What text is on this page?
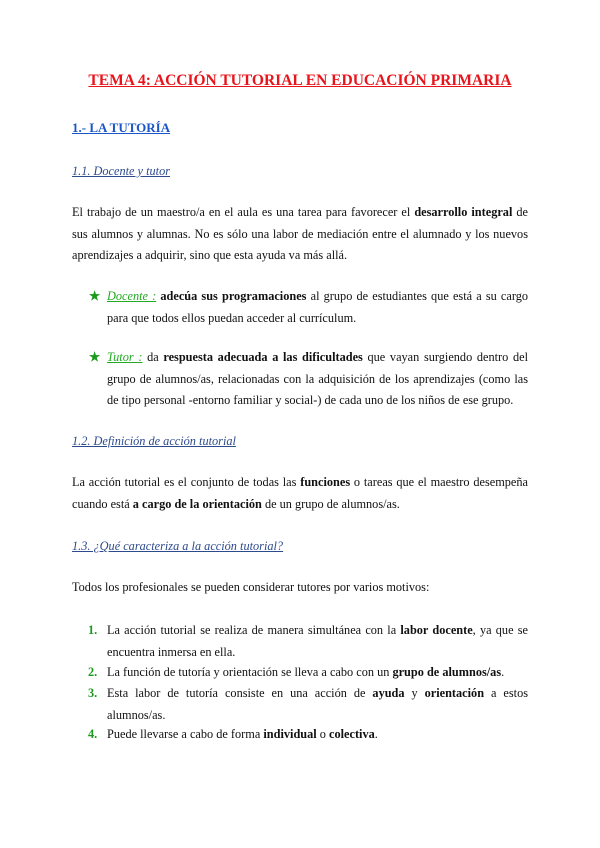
TEMA 4: ACCIÓN TUTORIAL EN EDUCACIÓN PRIMARIA
1.- LA TUTORÍA
1.1. Docente y tutor
El trabajo de un maestro/a en el aula es una tarea para favorecer el desarrollo integral de sus alumnos y alumnas. No es sólo una labor de mediación entre el alumnado y los nuevos aprendizajes a adquirir, sino que esta ayuda va más allá.
★ Docente : adecúa sus programaciones al grupo de estudiantes que está a su cargo para que todos ellos puedan acceder al currículum.
★ Tutor : da respuesta adecuada a las dificultades que vayan surgiendo dentro del grupo de alumnos/as, relacionadas con la adquisición de los aprendizajes (como las de tipo personal -entorno familiar y social-) de cada uno de los niños de ese grupo.
1.2. Definición de acción tutorial
La acción tutorial es el conjunto de todas las funciones o tareas que el maestro desempeña cuando está a cargo de la orientación de un grupo de alumnos/as.
1.3. ¿Qué caracteriza a la acción tutorial?
Todos los profesionales se pueden considerar tutores por varios motivos:
1. La acción tutorial se realiza de manera simultánea con la labor docente, ya que se encuentra inmersa en ella.
2. La función de tutoría y orientación se lleva a cabo con un grupo de alumnos/as.
3. Esta labor de tutoría consiste en una acción de ayuda y orientación a estos alumnos/as.
4. Puede llevarse a cabo de forma individual o colectiva.
